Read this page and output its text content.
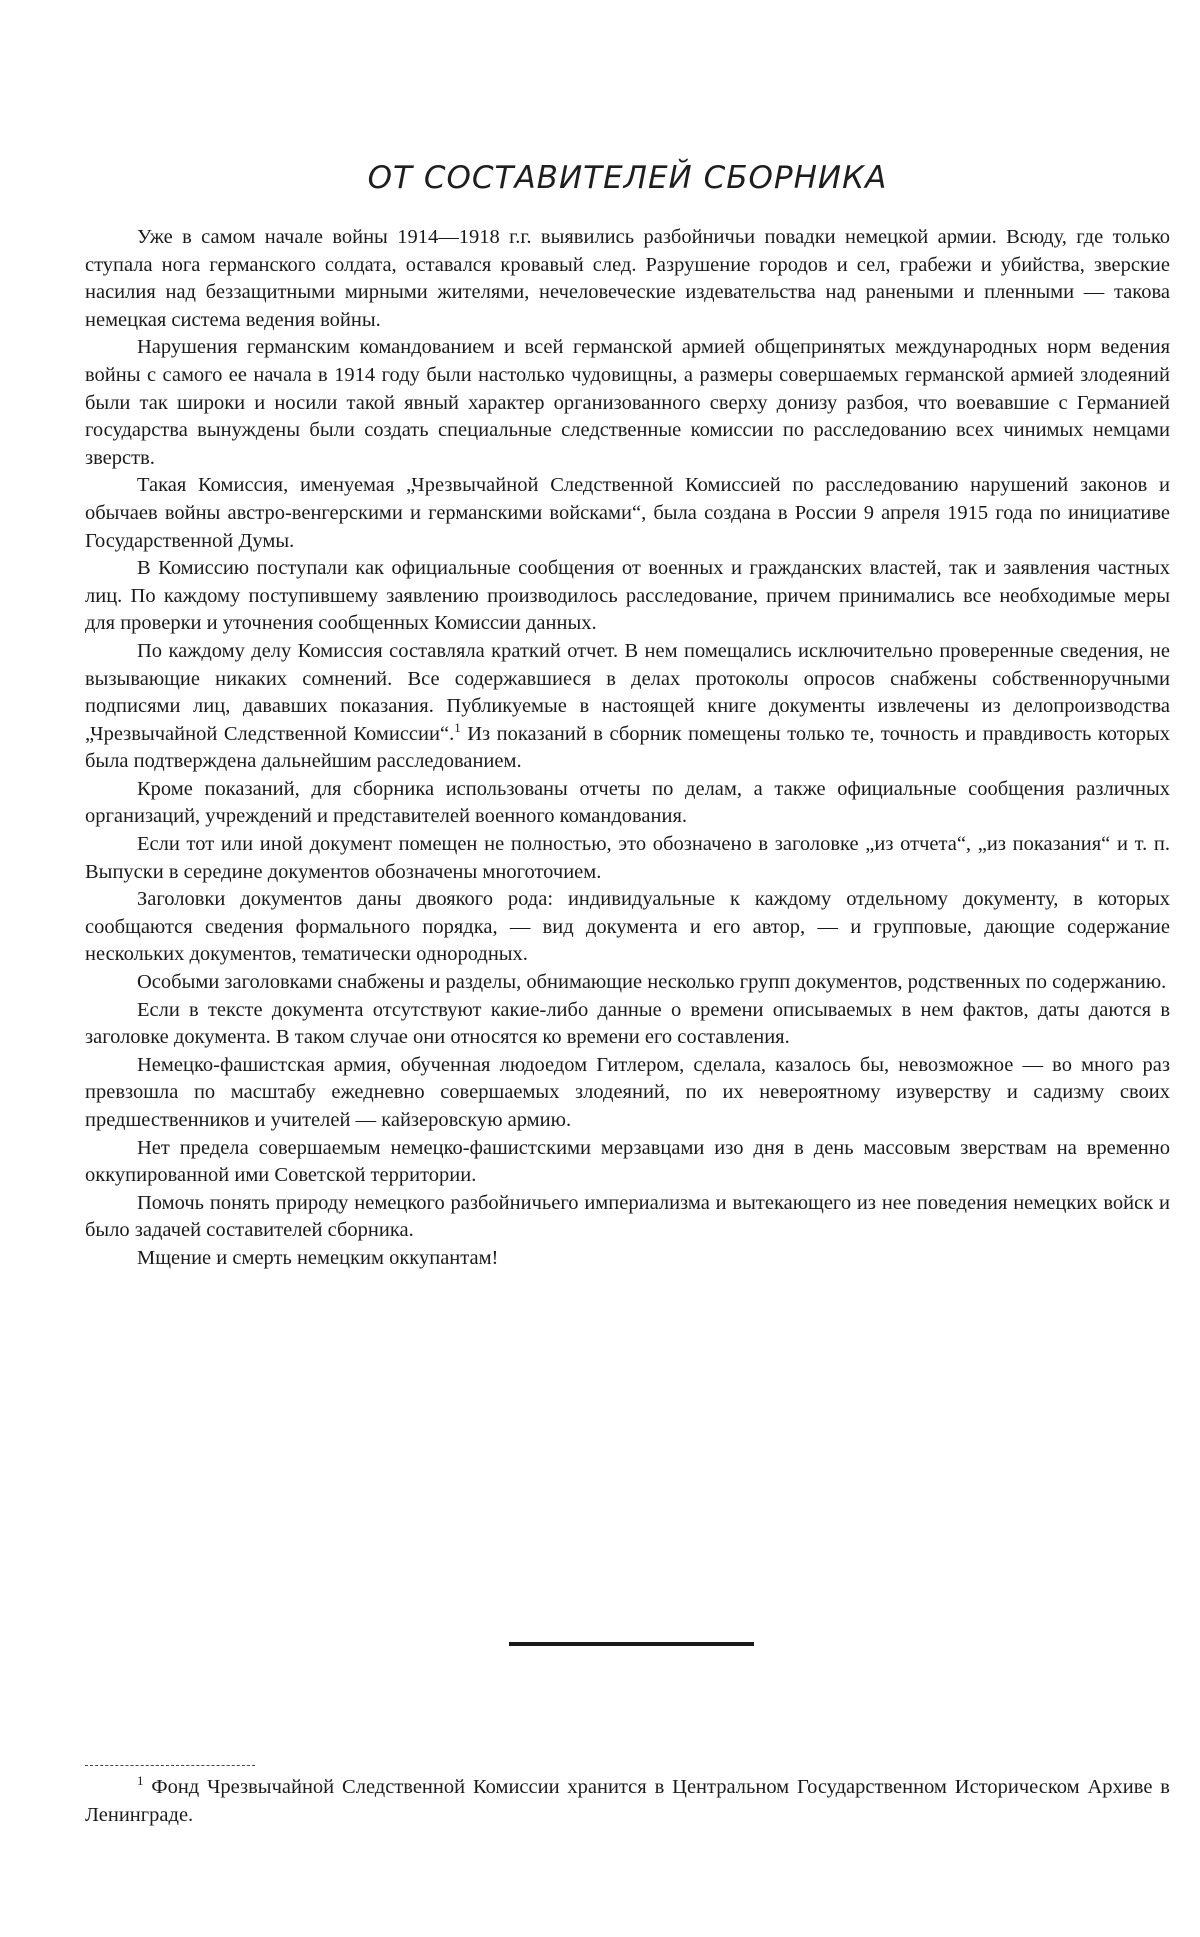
ОТ СОСТАВИТЕЛЕЙ СБОРНИКА

Уже в самом начале войны 1914—1918 г.г. выявились разбойничьи повадки немецкой армии. Всюду, где только ступала нога германского солдата, оставался кровавый след. Разрушение городов и сел, грабежи и убийства, зверские насилия над беззащитными мирными жителями, нечеловеческие издевательства над ранеными и пленными — такова немецкая система ведения войны.

Нарушения германским командованием и всей германской армией общепринятых международных норм ведения войны с самого ее начала в 1914 году были настолько чудовищны, а размеры совершаемых германской армией злодеяний были так широки и носили такой явный характер организованного сверху донизу разбоя, что воевавшие с Германией государства вынуждены были создать специальные следственные комиссии по расследованию всех чинимых немцами зверств.

Такая Комиссия, именуемая „Чрезвычайной Следственной Комиссией по расследованию нарушений законов и обычаев войны австро-венгерскими и германскими войсками“, была создана в России 9 апреля 1915 года по инициативе Государственной Думы.

В Комиссию поступали как официальные сообщения от военных и гражданских властей, так и заявления частных лиц. По каждому поступившему заявлению производилось расследование, причем принимались все необходимые меры для проверки и уточнения сообщенных Комиссии данных.

По каждому делу Комиссия составляла краткий отчет. В нем помещались исключительно проверенные сведения, не вызывающие никаких сомнений. Все содержавшиеся в делах протоколы опросов снабжены собственноручными подписями лиц, дававших показания. Публикуемые в настоящей книге документы извлечены из делопроизводства „Чрезвычайной Следственной Комиссии“.$^1$ Из показаний в сборник помещены только те, точность и правдивость которых была подтверждена дальнейшим расследованием.

Кроме показаний, для сборника использованы отчеты по делам, а также официальные сообщения различных организаций, учреждений и представителей военного командования.

Если тот или иной документ помещен не полностью, это обозначено в заголовке „из отчета“, „из показания“ и т. п. Выпуски в середине документов обозначены многоточием.

Заголовки документов даны двоякого рода: индивидуальные к каждому отдельному документу, в которых сообщаются сведения формального порядка, — вид документа и его автор, — и групповые, дающие содержание нескольких документов, тематически однородных.

Особыми заголовками снабжены и разделы, обнимающие несколько групп документов, родственных по содержанию.

Если в тексте документа отсутствуют какие-либо данные о времени описываемых в нем фактов, даты даются в заголовке документа. В таком случае они относятся ко времени его составления.

Немецко-фашистская армия, обученная людоедом Гитлером, сделала, казалось бы, невозможное — во много раз превзошла по масштабу ежедневно совершаемых злодеяний, по их невероятному изуверству и садизму своих предшественников и учителей — кайзеровскую армию.

Нет предела совершаемым немецко-фашистскими мерзавцами изо дня в день массовым зверствам на временно оккупированной ими Советской территории.

Помочь понять природу немецкого разбойничьего империализма и вытекающего из нее поведения немецких войск и было задачей составителей сборника.

Мщение и смерть немецким оккупантам!

$^1$ Фонд Чрезвычайной Следственной Комиссии хранится в Центральном Государственном Историческом Архиве в Ленинграде.
